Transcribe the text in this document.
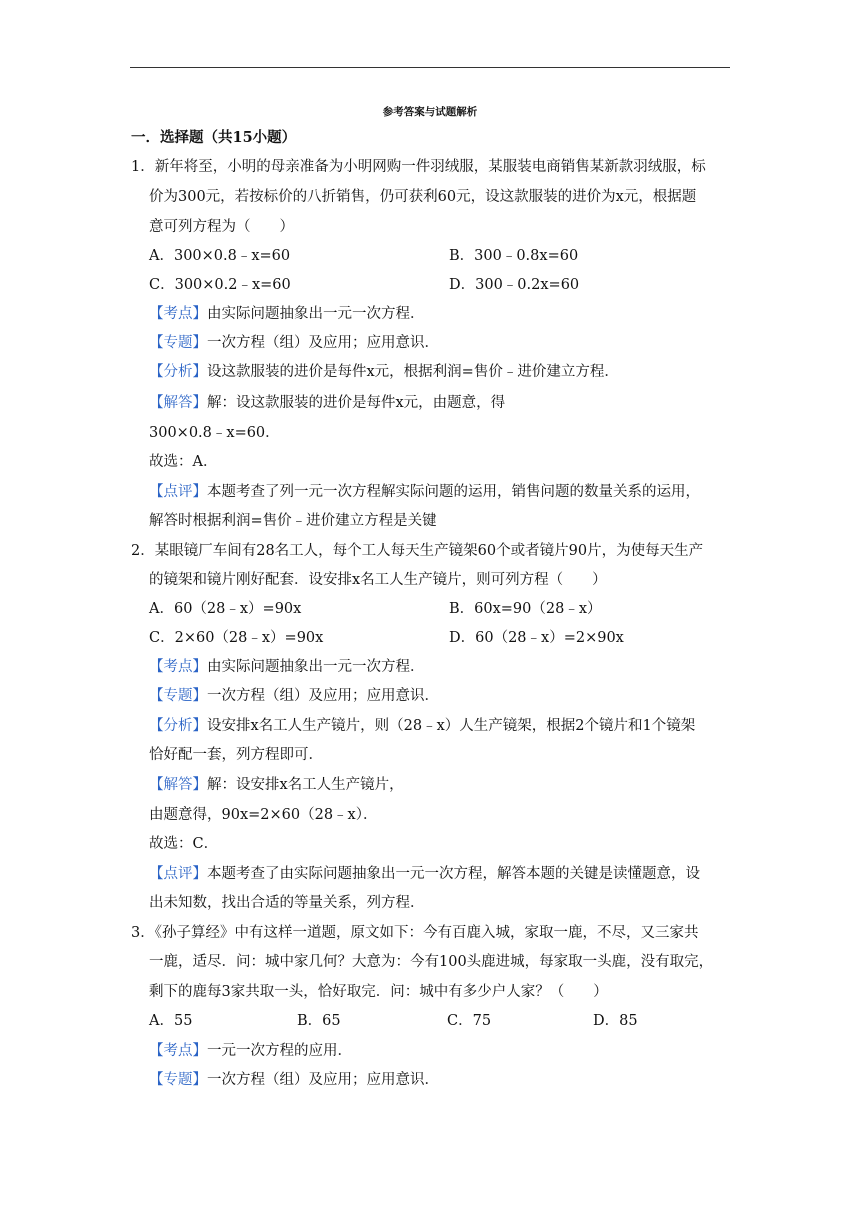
参考答案与试题解析
一．选择题（共15小题）
1．新年将至，小明的母亲准备为小明网购一件羽绒服，某服装电商销售某新款羽绒服，标
价为300元，若按标价的八折销售，仍可获利60元，设这款服装的进价为x元，根据题
意可列方程为（　　）
A．300×0.8﹣x=60	B．300﹣0.8x=60
C．300×0.2﹣x=60	D．300﹣0.2x=60
【考点】由实际问题抽象出一元一次方程．
【专题】一次方程（组）及应用；应用意识．
【分析】设这款服装的进价是每件x元，根据利润=售价﹣进价建立方程．
【解答】解：设这款服装的进价是每件x元，由题意，得
300×0.8﹣x=60．
故选：A．
【点评】本题考查了列一元一次方程解实际问题的运用，销售问题的数量关系的运用，
解答时根据利润=售价﹣进价建立方程是关键
2．某眼镜厂车间有28名工人，每个工人每天生产镜架60个或者镜片90片，为使每天生产
的镜架和镜片刚好配套．设安排x名工人生产镜片，则可列方程（　　）
A．60（28﹣x）=90x	B．60x=90（28﹣x）
C．2×60（28﹣x）=90x	D．60（28﹣x）=2×90x
【考点】由实际问题抽象出一元一次方程．
【专题】一次方程（组）及应用；应用意识．
【分析】设安排x名工人生产镜片，则（28﹣x）人生产镜架，根据2个镜片和1个镜架
恰好配一套，列方程即可．
【解答】解：设安排x名工人生产镜片，
由题意得，90x=2×60（28﹣x）．
故选：C．
【点评】本题考查了由实际问题抽象出一元一次方程，解答本题的关键是读懂题意，设
出未知数，找出合适的等量关系，列方程．
3．《孙子算经》中有这样一道题，原文如下：今有百鹿入城，家取一鹿，不尽，又三家共
一鹿，适尽．问：城中家几何？大意为：今有100头鹿进城，每家取一头鹿，没有取完，
剩下的鹿每3家共取一头，恰好取完．问：城中有多少户人家？（　　）
A．55	B．65	C．75	D．85
【考点】一元一次方程的应用．
【专题】一次方程（组）及应用；应用意识．
